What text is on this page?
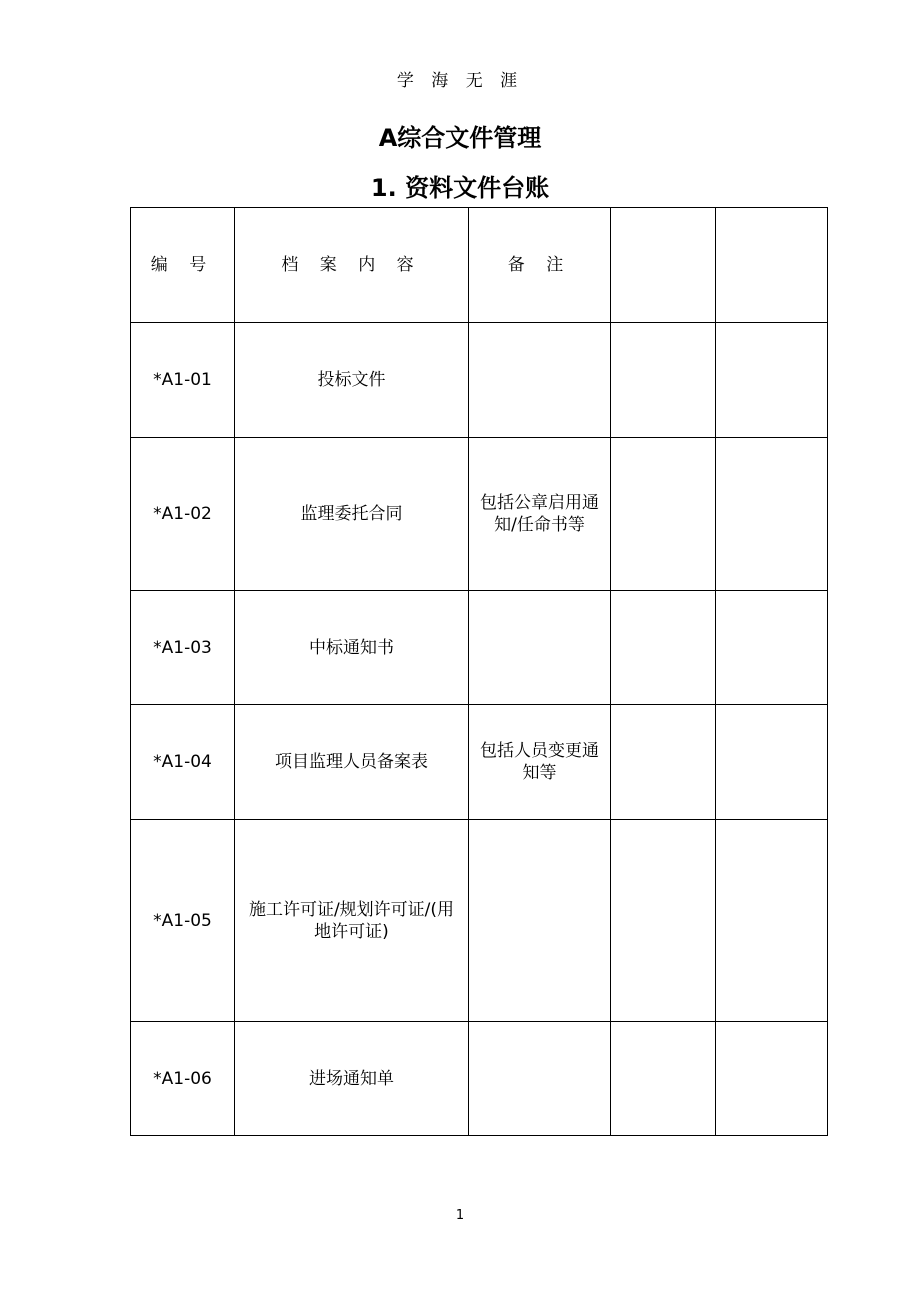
学 海 无 涯
A综合文件管理
1. 资料文件台账
编 号	档 案 内 容	备 注		
*A1-01	投标文件			
*A1-02	监理委托合同	包括公章启用通知/任命书等		
*A1-03	中标通知书			
*A1-04	项目监理人员备案表	包括人员变更通知等		
*A1-05	施工许可证/规划许可证/(用地许可证)			
*A1-06	进场通知单			
1
